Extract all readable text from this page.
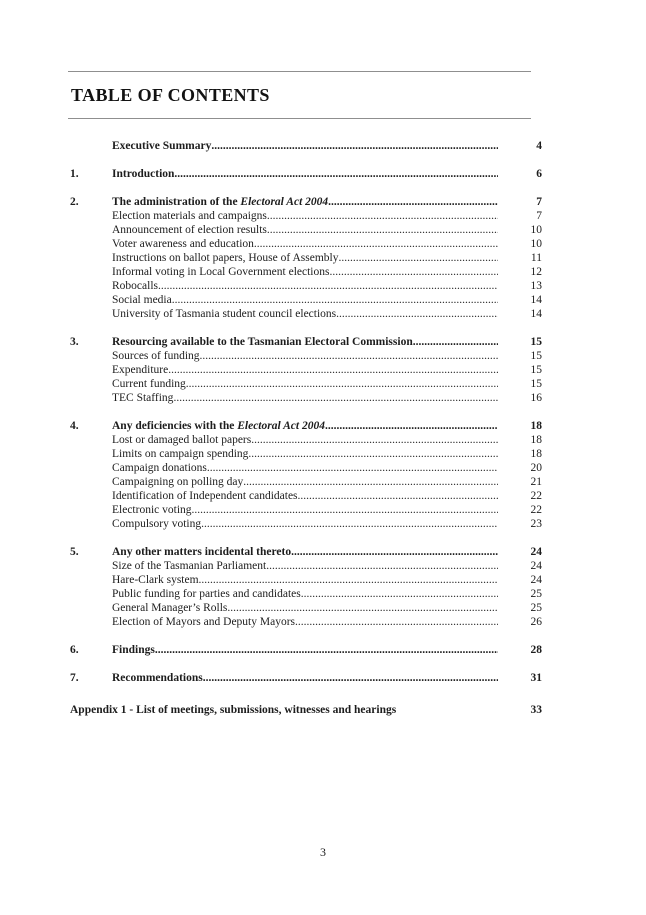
TABLE OF CONTENTS
Executive Summary .....	4
1.	Introduction .....	6
2.	The administration of the Electoral Act 2004 .....	7
Election materials and campaigns .....	7
Announcement of election results .....	10
Voter awareness and education .....	10
Instructions on ballot papers, House of Assembly .....	11
Informal voting in Local Government elections .....	12
Robocalls .....	13
Social media .....	14
University of Tasmania student council elections .....	14
3.	Resourcing available to the Tasmanian Electoral Commission .....	15
Sources of funding .....	15
Expenditure .....	15
Current funding .....	15
TEC Staffing .....	16
4.	Any deficiencies with the Electoral Act 2004 .....	18
Lost or damaged ballot papers .....	18
Limits on campaign spending .....	18
Campaign donations .....	20
Campaigning on polling day .....	21
Identification of Independent candidates .....	22
Electronic voting .....	22
Compulsory voting .....	23
5.	Any other matters incidental thereto .....	24
Size of the Tasmanian Parliament .....	24
Hare-Clark system .....	24
Public funding for parties and candidates .....	25
General Manager’s Rolls .....	25
Election of Mayors and Deputy Mayors .....	26
6.	Findings .....	28
7.	Recommendations .....	31
Appendix 1 - List of meetings, submissions, witnesses and hearings	33
3
